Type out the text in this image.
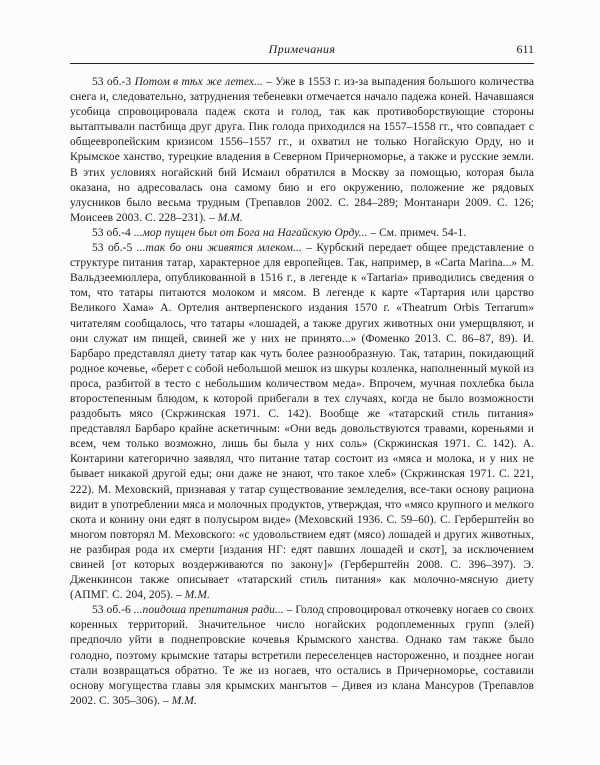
Примечания	611

53 об.-3 Потом в тѣх же летех... – Уже в 1553 г. из-за выпадения большого количества снега и, следовательно, затруднения тебеневки отмечается начало падежа коней. Начавшаяся усобица спровоцировала падеж скота и голод, так как противоборствующие стороны вытаптывали пастбища друг друга. Пик голода приходился на 1557–1558 гг., что совпадает с общеевропейским кризисом 1556–1557 гг., и охватил не только Ногайскую Орду, но и Крымское ханство, турецкие владения в Северном Причерноморье, а также и русские земли. В этих условиях ногайский бий Исмаил обратился в Москву за помощью, которая была оказана, но адресовалась она самому бию и его окружению, положение же рядовых улусников было весьма трудным (Трепавлов 2002. С. 284–289; Монтанари 2009. С. 126; Моисеев 2003. С. 228–231). – М.М.

53 об.-4 ...мор пущен был от Бога на Нагайскую Орду... – См. примеч. 54-1.

53 об.-5 ...так бо они живятся млеком... – Курбский передает общее представление о структуре питания татар, характерное для европейцев. Так, например, в «Carta Marina...» М. Вальдзеемюллера, опубликованной в 1516 г., в легенде к «Tartaria» приводились сведения о том, что татары питаются молоком и мясом. В легенде к карте «Тартария или царство Великого Хама» А. Ортелия антверпенского издания 1570 г. «Theatrum Orbis Terrarum» читателям сообщалось, что татары «лошадей, а также других животных они умерщвляют, и они служат им пищей, свиней же у них не принято...» (Фоменко 2013. С. 86–87, 89). И. Барбаро представлял диету татар как чуть более разнообразную. Так, татарин, покидающий родное кочевье, «берет с собой небольшой мешок из шкуры козленка, наполненный мукой из проса, разбитой в тесто с небольшим количеством меда». Впрочем, мучная похлебка была второстепенным блюдом, к которой прибегали в тех случаях, когда не было возможности раздобыть мясо (Скржинская 1971. С. 142). Вообще же «татарский стиль питания» представлял Барбаро крайне аскетичным: «Они ведь довольствуются травами, кореньями и всем, чем только возможно, лишь бы была у них соль» (Скржинская 1971. С. 142). А. Контарини категорично заявлял, что питание татар состоит из «мяса и молока, и у них не бывает никакой другой еды; они даже не знают, что такое хлеб» (Скржинская 1971. С. 221, 222). М. Меховский, признавая у татар существование земледелия, все-таки основу рациона видит в употреблении мяса и молочных продуктов, утверждая, что «мясо крупного и мелкого скота и конину они едят в полусыром виде» (Меховский 1936. С. 59–60). С. Герберштейн во многом повторял М. Меховского: «с удовольствием едят (мясо) лошадей и других животных, не разбирая рода их смерти [издания НГ: едят павших лошадей и скот], за исключением свиней [от которых воздерживаются по закону]» (Герберштейн 2008. С. 396–397). Э. Дженкинсон также описывает «татарский стиль питания» как молочно-мясную диету (АПМГ. С. 204, 205). – М.М.

53 об.-6 ...поидоша препитания ради... – Голод спровоцировал откочевку ногаев со своих коренных территорий. Значительное число ногайских родоплеменных групп (элей) предпочло уйти в поднепровские кочевья Крымского ханства. Однако там также было голодно, поэтому крымские татары встретили переселенцев настороженно, и позднее ногаи стали возвращаться обратно. Те же из ногаев, что остались в Причерноморье, составили основу могущества главы эля крымских мангытов – Дивея из клана Мансуров (Трепавлов 2002. С. 305–306). – М.М.
